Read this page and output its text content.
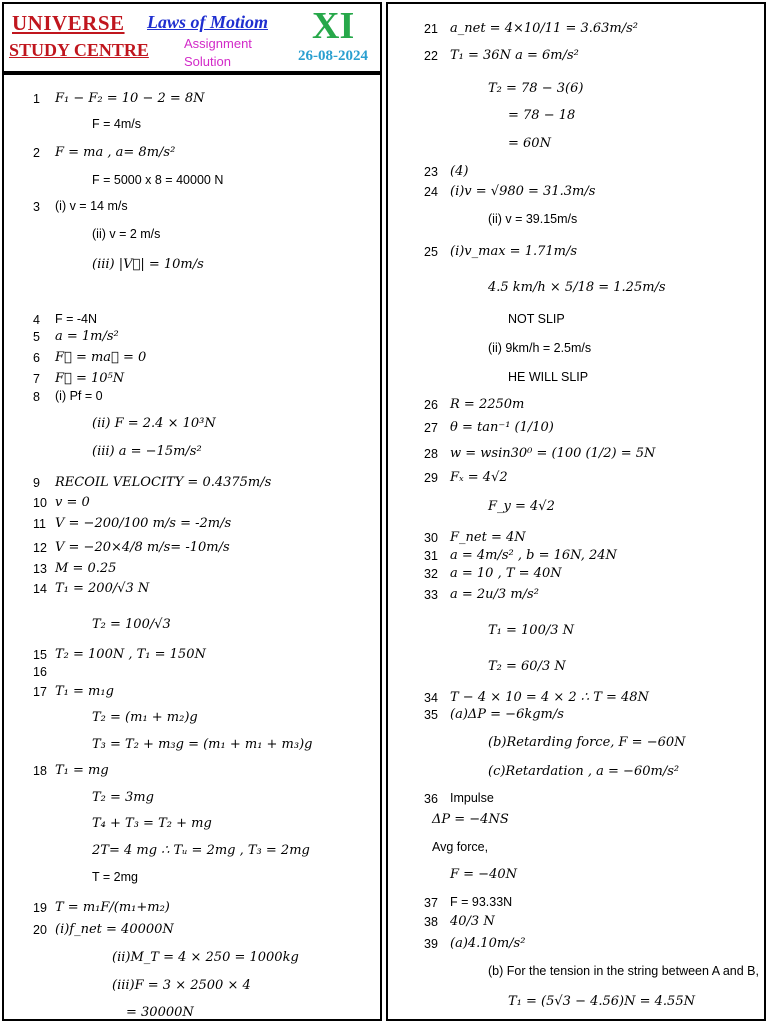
UNIVERSE
STUDY CENTRE
Laws of Motiom
Assignment
Solution
XI
26-08-2024
1 F₁ − F₂ = 10 − 2 = 8N
F = 4m/s
2 F = ma , a= 8m/s²
F = 5000 x 8 = 40000 N
3 (i) v = 14 m/s
(ii) v = 2 m/s
(iii) |V⃗| = 10m/s
4 F = -4N
5 a = 1m/s²
6 F⃗ = ma⃗ = 0
7 F⃗ = 10⁵N
8 (i) Pf = 0
(ii) F = 2.4 × 10³N
(iii) a = −15m/s²
9 RECOIL VELOCITY = 0.4375m/s
10 v = 0
11 V = −200/100 m/s = -2m/s
12 V = −20×4/8 m/s= -10m/s
13 M = 0.25
14 T₁ = 200/√3 N
T₂ = 100/√3
15 T₂ = 100N , T₁ = 150N
16
17 T₁ = m₁g
T₂ = (m₁ + m₂)g
T₃ = T₂ + m₃g = (m₁ + m₁ + m₃)g
18 T₁ = mg
T₂ = 3mg
T₄ + T₃ = T₂ + mg
2T= 4 mg ∴ Tᵤ = 2mg , T₃ = 2mg
T = 2mg
19 T = m₁F/(m₁+m₂)
20 (i)f_net = 40000N
(ii)M_T = 4 × 250 = 1000kg
(iii)F = 3 × 2500 × 4
= 30000N
21 a_net = 4×10/11 = 3.63m/s²
22 T₁ = 36N a = 6m/s²
T₂ = 78 − 3(6)
= 78 − 18
= 60N
23 (4)
24 (i)v = √980 = 31.3m/s
(ii) v = 39.15m/s
25 (i)v_max = 1.71m/s
4.5 km/h × 5/18 = 1.25m/s
NOT SLIP
(ii) 9km/h = 2.5m/s
HE WILL SLIP
26 R = 2250m
27 θ = tan⁻¹ (1/10)
28 w = wsin30⁰ = (100 (1/2) = 5N
29 Fₓ = 4√2
F_y = 4√2
30 F_net = 4N
31 a = 4m/s² , b = 16N, 24N
32 a = 10 , T = 40N
33 a = 2u/3 m/s²
T₁ = 100/3 N
T₂ = 60/3 N
34 T − 4 × 10 = 4 × 2 ∴ T = 48N
35 (a)ΔP = −6kgm/s
(b)Retarding force, F = −60N
(c)Retardation , a = −60m/s²
36 Impulse
ΔP = −4NS
Avg force,
F = −40N
37 F = 93.33N
38 40/3 N
39 (a)4.10m/s²
(b) For the tension in the string between A and B,
T₁ = (5√3 − 4.56)N = 4.55N
